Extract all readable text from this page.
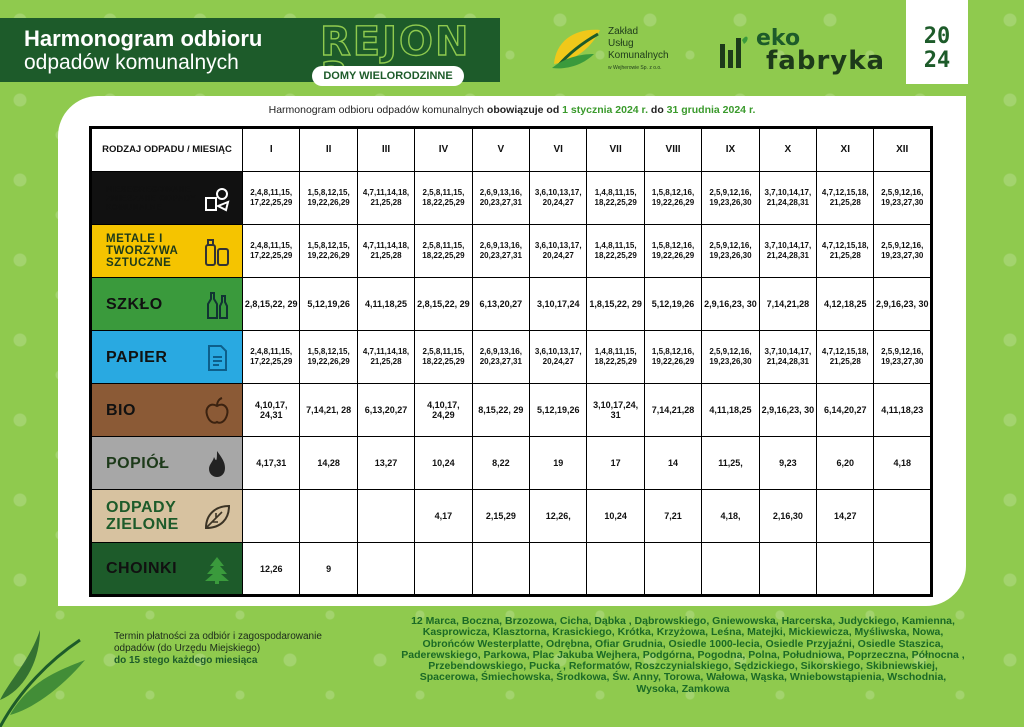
Harmonogram odbioru
odpadów komunalnych REJON
DOMY WIELORODZINNE
Zakład
Usług
Komunalnych
w Wejherowie Sp. z o.o.
eko
fabryka
20
24
Harmonogram odbioru odpadów komunalnych obowiązuje od 1 stycznia 2024 r. do 31 grudnia 2024 r.
RODZAJ ODPADU / MIESIĄC	I	II	III	IV	V	VI	VII	VIII	IX	X	XI	XII

NIESEGREGOWANE ZMIESZANE ODPADY KOMUNALNE	2,4,8,11,15, 17,22,25,29	1,5,8,12,15, 19,22,26,29	4,7,11,14,18, 21,25,28	2,5,8,11,15, 18,22,25,29	2,6,9,13,16, 20,23,27,31	3,6,10,13,17, 20,24,27	1,4,8,11,15, 18,22,25,29	1,5,8,12,16, 19,22,26,29	2,5,9,12,16, 19,23,26,30	3,7,10,14,17, 21,24,28,31	4,7,12,15,18, 21,25,28	2,5,9,12,16, 19,23,27,30

METALE I TWORZYWA SZTUCZNE	2,4,8,11,15, 17,22,25,29	1,5,8,12,15, 19,22,26,29	4,7,11,14,18, 21,25,28	2,5,8,11,15, 18,22,25,29	2,6,9,13,16, 20,23,27,31	3,6,10,13,17, 20,24,27	1,4,8,11,15, 18,22,25,29	1,5,8,12,16, 19,22,26,29	2,5,9,12,16, 19,23,26,30	3,7,10,14,17, 21,24,28,31	4,7,12,15,18, 21,25,28	2,5,9,12,16, 19,23,27,30

SZKŁO	2,8,15,22, 29	5,12,19,26	4,11,18,25	2,8,15,22, 29	6,13,20,27	3,10,17,24	1,8,15,22, 29	5,12,19,26	2,9,16,23, 30	7,14,21,28	4,12,18,25	2,9,16,23, 30

PAPIER	2,4,8,11,15, 17,22,25,29	1,5,8,12,15, 19,22,26,29	4,7,11,14,18, 21,25,28	2,5,8,11,15, 18,22,25,29	2,6,9,13,16, 20,23,27,31	3,6,10,13,17, 20,24,27	1,4,8,11,15, 18,22,25,29	1,5,8,12,16, 19,22,26,29	2,5,9,12,16, 19,23,26,30	3,7,10,14,17, 21,24,28,31	4,7,12,15,18, 21,25,28	2,5,9,12,16, 19,23,27,30

BIO	4,10,17, 24,31	7,14,21, 28	6,13,20,27	4,10,17, 24,29	8,15,22, 29	5,12,19,26	3,10,17,24, 31	7,14,21,28	4,11,18,25	2,9,16,23, 30	6,14,20,27	4,11,18,23

POPIÓŁ	4,17,31	14,28	13,27	10,24	8,22	19	17	14	11,25,	9,23	6,20	4,18

ODPADY ZIELONE				4,17	2,15,29	12,26,	10,24	7,21	4,18,	2,16,30	14,27	

CHOINKI	12,26	9										
Termin płatności za odbiór i zagospodarowanie
odpadów (do Urzędu Miejskiego)
do 15 stego każdego miesiąca
12 Marca, Boczna, Brzozowa, Cicha, Dąbka , Dąbrowskiego, Gniewowska, Harcerska, Judyckiego, Kamienna, Kasprowicza, Klasztorna, Krasickiego, Krótka, Krzyżowa, Leśna, Matejki, Mickiewicza, Myśliwska, Nowa, Obrońców Westerplatte, Odrębna, Ofiar Grudnia, Osiedle 1000-lecia, Osiedle Przyjaźni, Osiedle Staszica, Paderewskiego, Parkowa, Plac Jakuba Wejhera, Podgórna, Pogodna, Polna, Południowa, Poprzeczna, Północna , Przebendowskiego, Pucka , Reformatów, Roszczynialskiego, Sędzickiego, Sikorskiego, Skibniewskiej, Spacerowa, Śmiechowska, Środkowa, Św. Anny, Torowa, Wałowa, Wąska, Wniebowstąpienia, Wschodnia, Wysoka, Zamkowa
